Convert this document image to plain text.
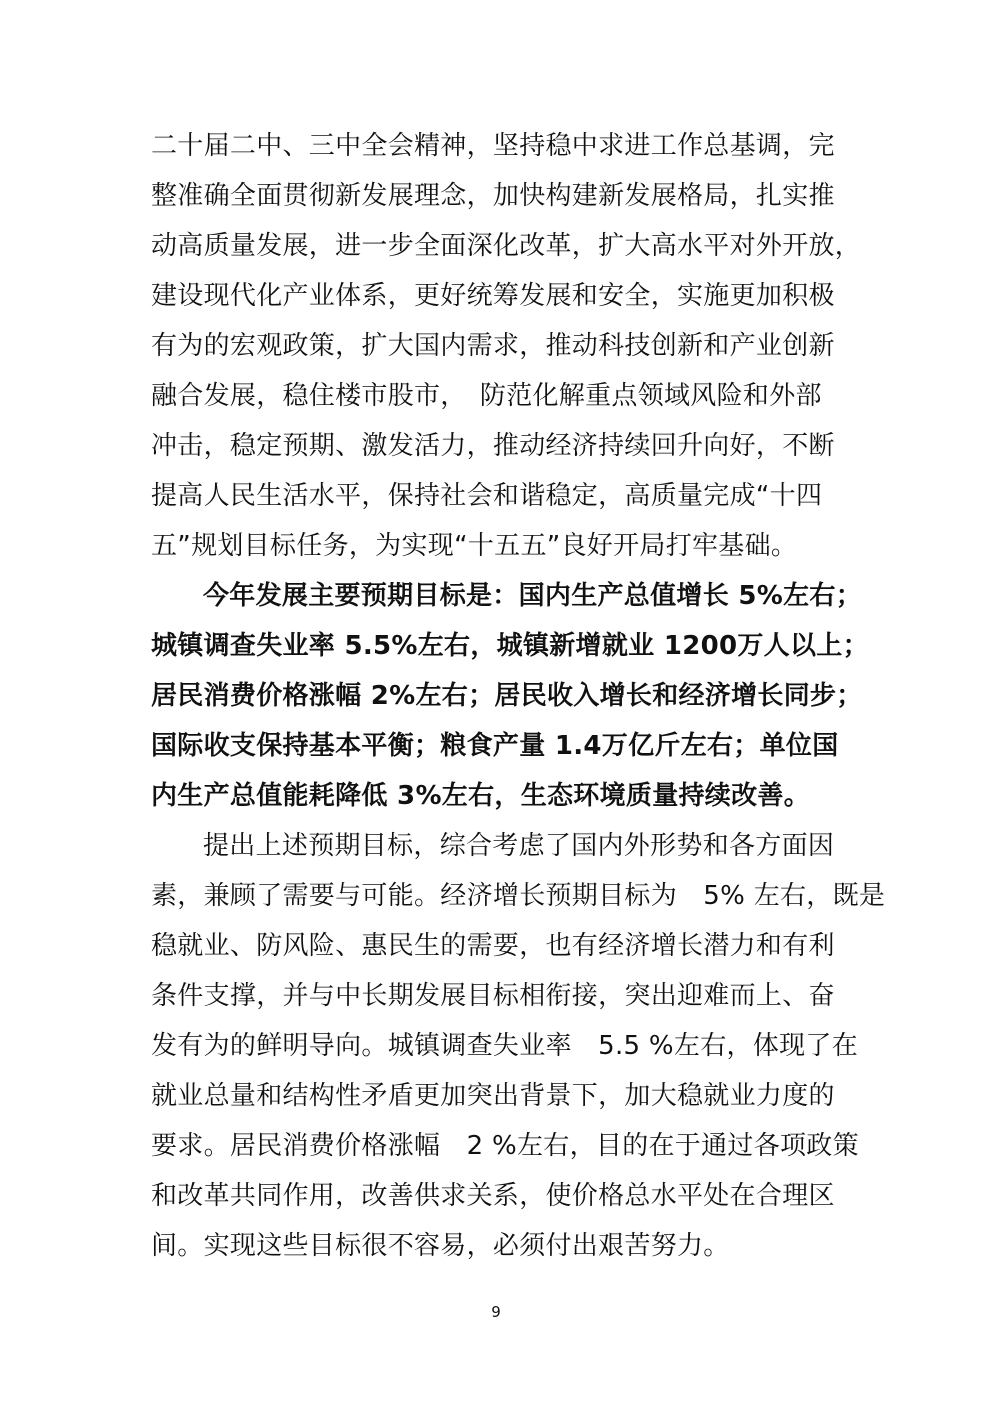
二十届二中、三中全会精神，坚持稳中求进工作总基调，完
整准确全面贯彻新发展理念，加快构建新发展格局，扎实推
动高质量发展，进一步全面深化改革，扩大高水平对外开放，
建设现代化产业体系，更好统筹发展和安全，实施更加积极
有为的宏观政策，扩大国内需求，推动科技创新和产业创新
融合发展，稳住楼市股市，　防范化解重点领域风险和外部
冲击，稳定预期、激发活力，推动经济持续回升向好，不断
提高人民生活水平，保持社会和谐稳定，高质量完成“十四
五”规划目标任务，为实现“十五五”良好开局打牢基础。
今年发展主要预期目标是：国内生产总值增长 5%左右；
城镇调查失业率 5.5%左右，城镇新增就业 1200万人以上；
居民消费价格涨幅 2%左右；居民收入增长和经济增长同步；
国际收支保持基本平衡；粮食产量 1.4万亿斤左右；单位国
内生产总值能耗降低 3%左右，生态环境质量持续改善。
提出上述预期目标，综合考虑了国内外形势和各方面因
素，兼顾了需要与可能。经济增长预期目标为　5% 左右，既是
稳就业、防风险、惠民生的需要，也有经济增长潜力和有利
条件支撑，并与中长期发展目标相衔接，突出迎难而上、奋
发有为的鲜明导向。城镇调查失业率　5.5 %左右，体现了在
就业总量和结构性矛盾更加突出背景下，加大稳就业力度的
要求。居民消费价格涨幅　2 %左右，目的在于通过各项政策
和改革共同作用，改善供求关系，使价格总水平处在合理区
间。实现这些目标很不容易，必须付出艰苦努力。
9
